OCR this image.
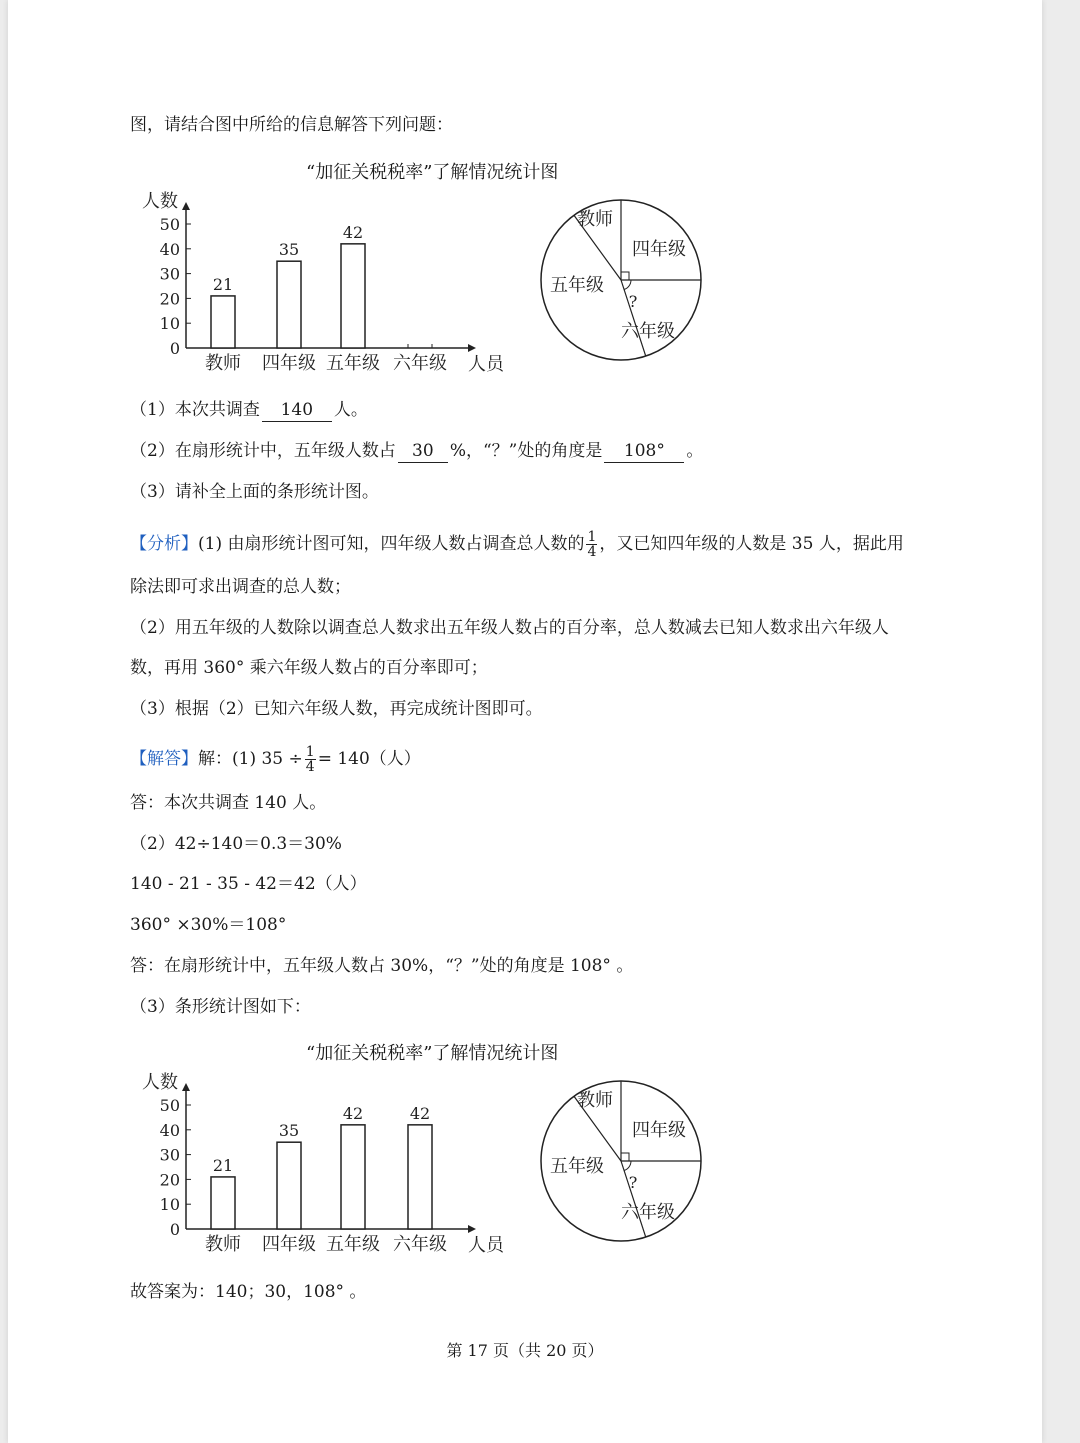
图，请结合图中所给的信息解答下列问题：
“加征关税税率”了解情况统计图
人数
人员
0
10
20
30
40
50
教师
21
四年级
35
五年级
42
六年级
教师
四年级
五年级
六年级
?
（1）本次共调查 140 人。
（2）在扇形统计中，五年级人数占 30 %，“？”处的角度是 108° 。
（3）请补全上面的条形统计图。
【分析】(1) 由扇形统计图可知，四年级人数占调查总人数的 $\frac{1}{4}$ ，又已知四年级的人数是 35 人，据此用
除法即可求出调查的总人数；
（2）用五年级的人数除以调查总人数求出五年级人数占的百分率，总人数减去已知人数求出六年级人
数，再用 360° 乘六年级人数占的百分率即可；
（3）根据（2）已知六年级人数，再完成统计图即可。
【解答】解：(1) $35 \div \frac{1}{4} = 140$（人）
答：本次共调查 140 人。
（2）42÷140＝0.3＝30%
140 - 21 - 35 - 42＝42（人）
360° ×30%＝108°
答：在扇形统计中，五年级人数占 30%，“？”处的角度是 108° 。
（3）条形统计图如下：
“加征关税税率”了解情况统计图
人数
人员
0
10
20
30
40
50
教师
21
四年级
35
五年级
42
六年级
42
教师
四年级
五年级
六年级
?
故答案为：140；30，108° 。
第 17 页（共 20 页）
